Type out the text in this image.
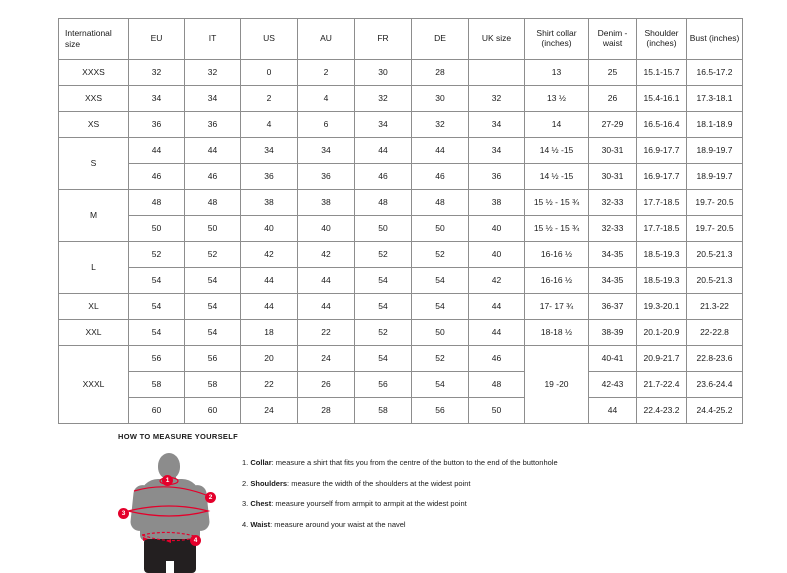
International size	EU	IT	US	AU	FR	DE	UK size	Shirt collar (inches)	Denim - waist	Shoulder (inches)	Bust (inches)
XXXS	32	32	0	2	30	28		13	25	15.1-15.7	16.5-17.2
XXS	34	34	2	4	32	30	32	13 ½	26	15.4-16.1	17.3-18.1
XS	36	36	4	6	34	32	34	14	27-29	16.5-16.4	18.1-18.9
S	44	44	34	34	44	44	34	14 ½ -15	30-31	16.9-17.7	18.9-19.7
	46	46	36	36	46	46	36	14 ½ -15	30-31	16.9-17.7	18.9-19.7
M	48	48	38	38	48	48	38	15 ½ - 15 ¾	32-33	17.7-18.5	19.7- 20.5
	50	50	40	40	50	50	40	15 ½ - 15 ¾	32-33	17.7-18.5	19.7- 20.5
L	52	52	42	42	52	52	40	16-16 ½	34-35	18.5-19.3	20.5-21.3
	54	54	44	44	54	54	42	16-16 ½	34-35	18.5-19.3	20.5-21.3
XL	54	54	44	44	54	54	44	17- 17 ¾	36-37	19.3-20.1	21.3-22
XXL	54	54	18	22	52	50	44	18-18 ½	38-39	20.1-20.9	22-22.8
XXXL	56	56	20	24	54	52	46	19 -20	40-41	20.9-21.7	22.8-23.6
	58	58	22	26	56	54	48		42-43	21.7-22.4	23.6-24.4
	60	60	24	28	58	56	50		44	22.4-23.2	24.4-25.2
HOW TO MEASURE YOURSELF
1
2
3
4
1. Collar: measure a shirt that fits you from the centre of the button to the end of the buttonhole
2. Shoulders: measure the width of the shoulders at the widest point
3. Chest: measure yourself from armpit to armpit at the widest point
4. Waist: measure around your waist at the navel
